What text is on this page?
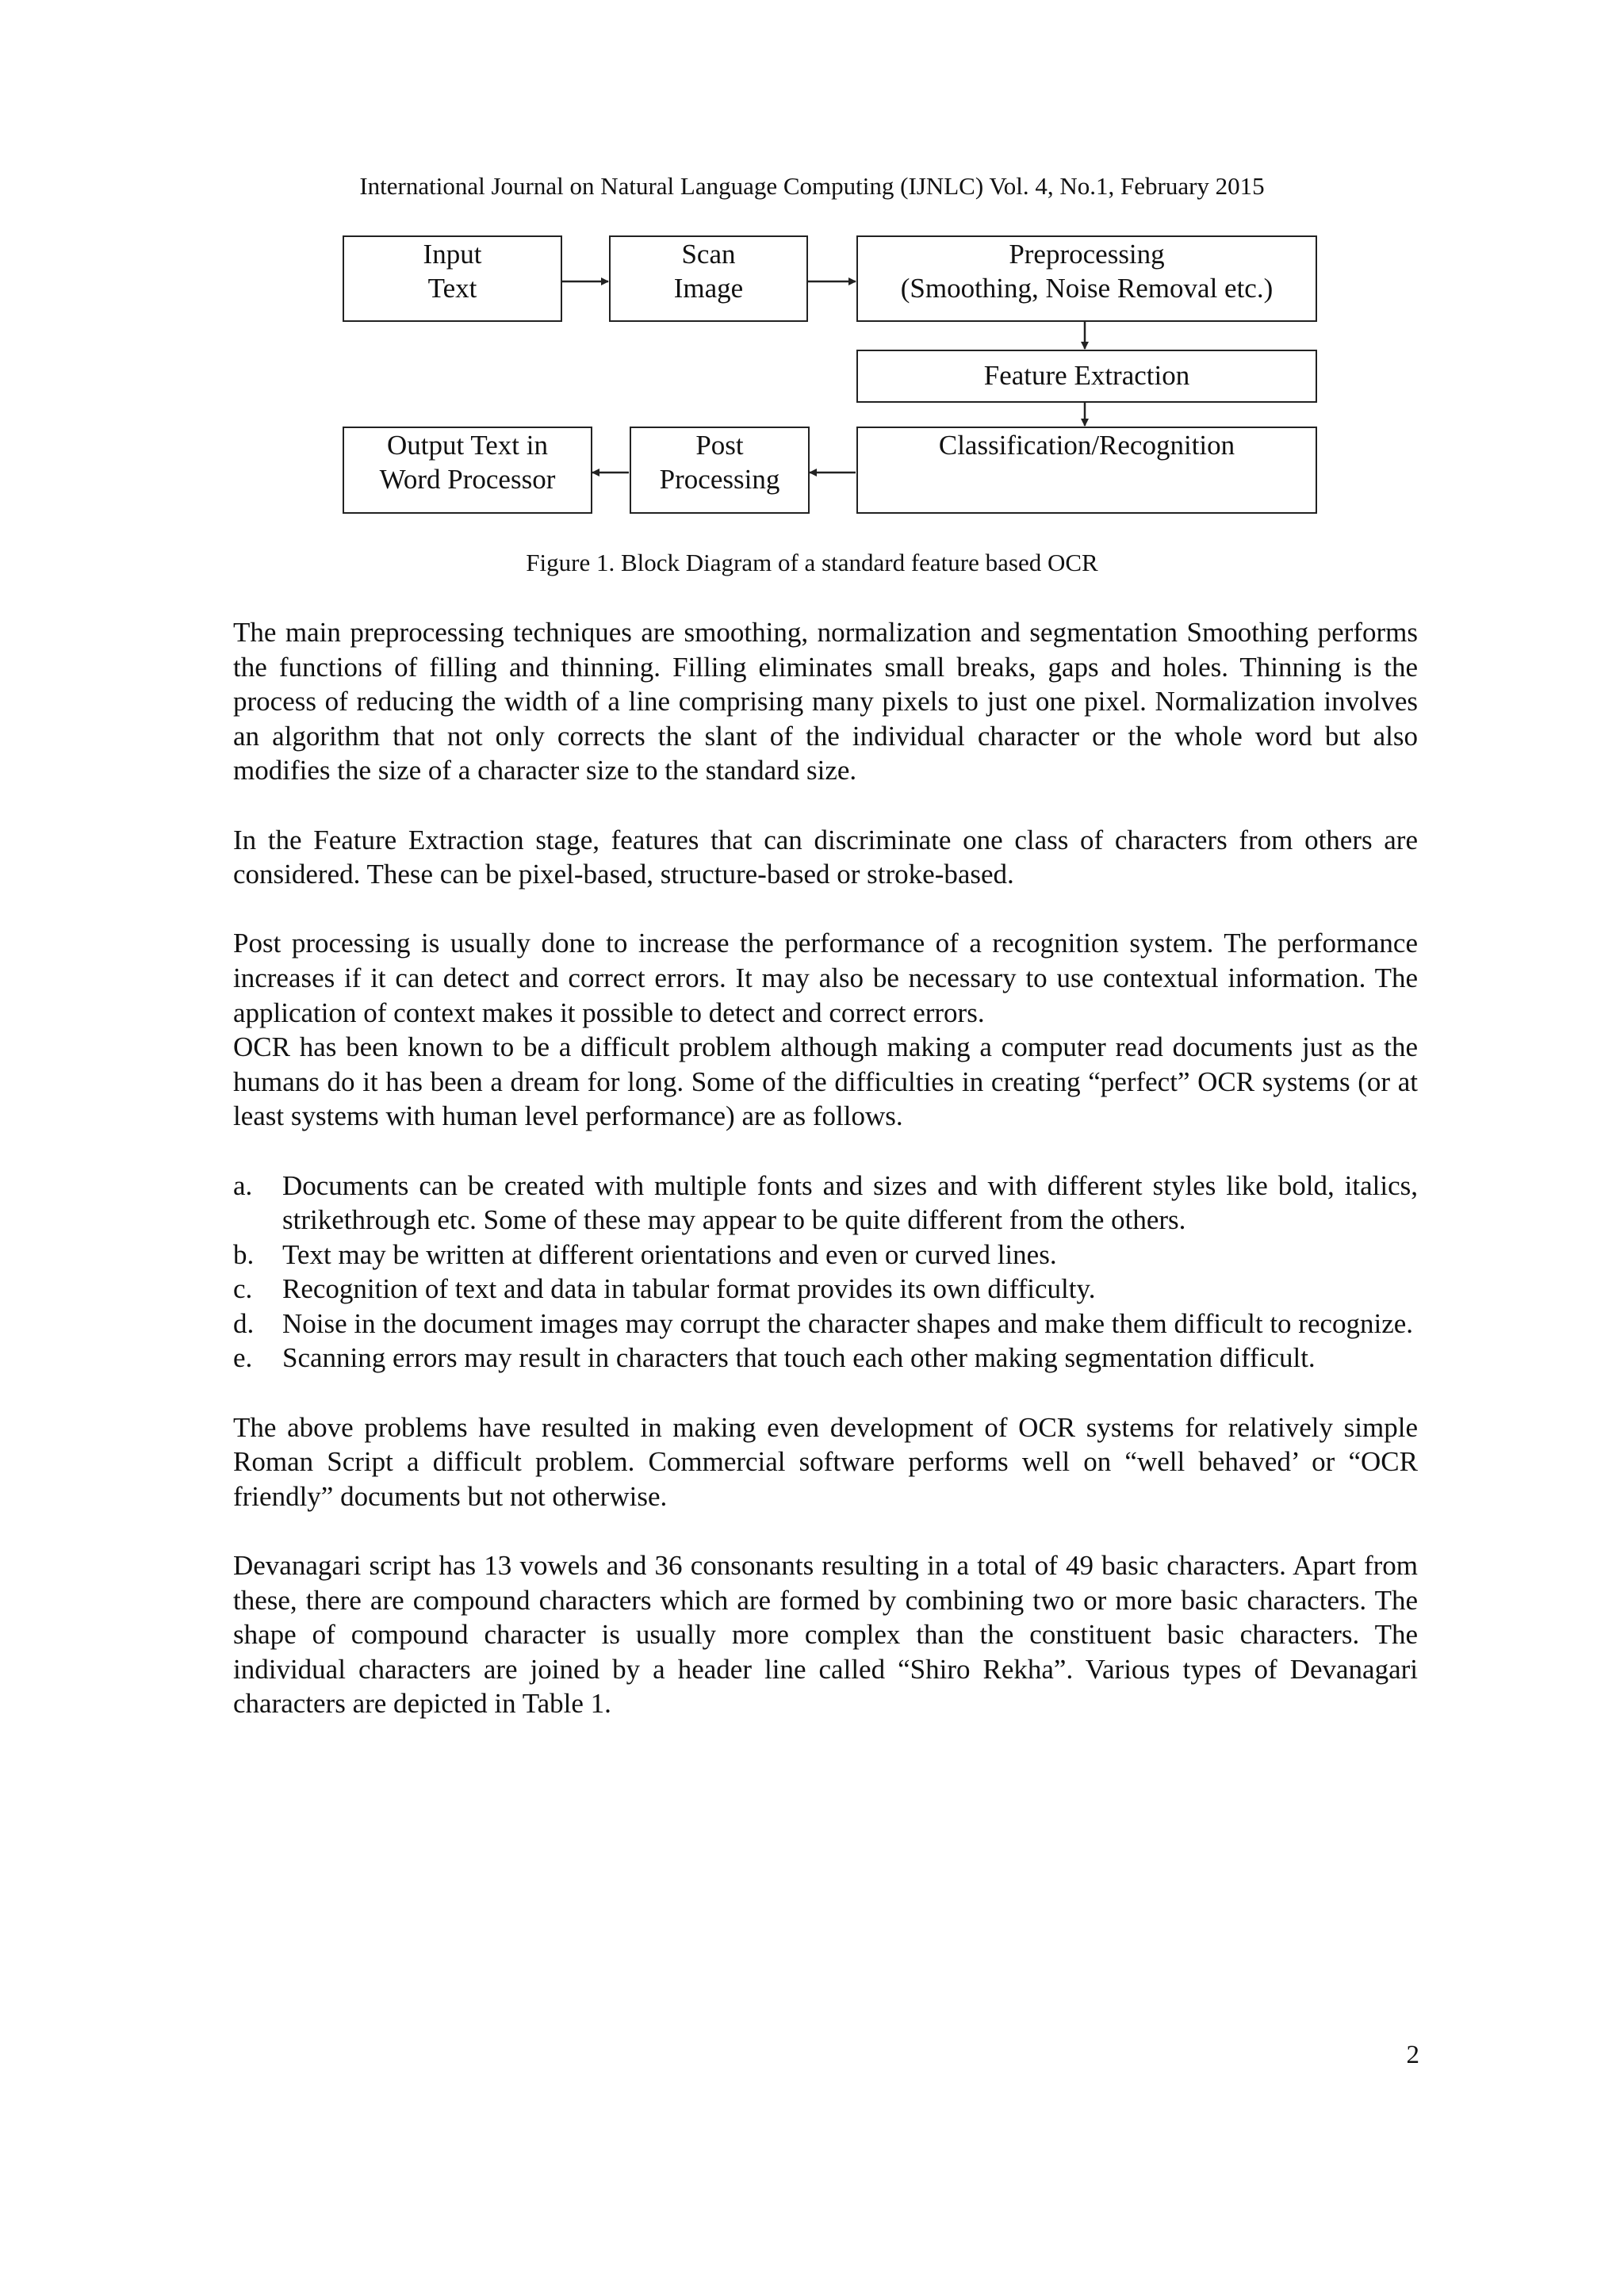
International Journal on Natural Language Computing (IJNLC) Vol. 4, No.1, February 2015
Input
Text
Scan
Image
Preprocessing
(Smoothing, Noise Removal etc.)
Feature Extraction
Classification/Recognition
Post
Processing
Output Text in
Word Processor
Figure 1. Block Diagram of a standard feature based OCR

The main preprocessing techniques are smoothing, normalization and segmentation Smoothing performs the functions of filling and thinning. Filling eliminates small breaks, gaps and holes. Thinning is the process of reducing the width of a line comprising many pixels to just one pixel. Normalization involves an algorithm that not only corrects the slant of the individual character or the whole word but also modifies the size of a character size to the standard size.

In the Feature Extraction stage, features that can discriminate one class of characters from others are considered. These can be pixel-based, structure-based or stroke-based.

Post processing is usually done to increase the performance of a recognition system. The performance increases if it can detect and correct errors. It may also be necessary to use contextual information. The application of context makes it possible to detect and correct errors.

OCR has been known to be a difficult problem although making a computer read documents just as the humans do it has been a dream for long. Some of the difficulties in creating “perfect” OCR systems (or at least systems with human level performance) are as follows.

a. Documents can be created with multiple fonts and sizes and with different styles like bold, italics, strikethrough etc. Some of these may appear to be quite different from the others.
b. Text may be written at different orientations and even or curved lines.
c. Recognition of text and data in tabular format provides its own difficulty.
d. Noise in the document images may corrupt the character shapes and make them difficult to recognize.
e. Scanning errors may result in characters that touch each other making segmentation difficult.

The above problems have resulted in making even development of OCR systems for relatively simple Roman Script a difficult problem. Commercial software performs well on “well behaved’ or “OCR friendly” documents but not otherwise.

Devanagari script has 13 vowels and 36 consonants resulting in a total of 49 basic characters. Apart from these, there are compound characters which are formed by combining two or more basic characters. The shape of compound character is usually more complex than the constituent basic characters. The individual characters are joined by a header line called “Shiro Rekha”. Various types of Devanagari characters are depicted in Table 1.

2
